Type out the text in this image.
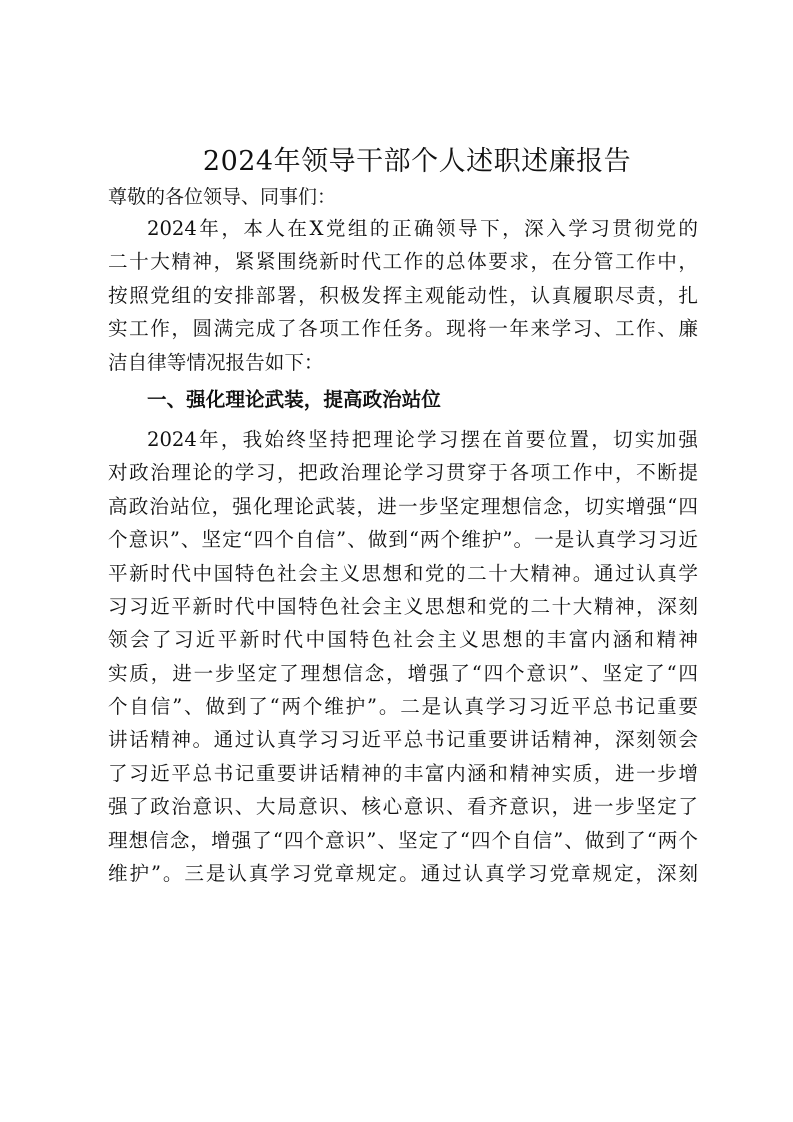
2024年领导干部个人述职述廉报告

尊敬的各位领导、同事们：

2024年，本人在X党组的正确领导下，深入学习贯彻党的
二十大精神，紧紧围绕新时代工作的总体要求，在分管工作中，
按照党组的安排部署，积极发挥主观能动性，认真履职尽责，扎
实工作，圆满完成了各项工作任务。现将一年来学习、工作、廉
洁自律等情况报告如下：
一、强化理论武装，提高政治站位
2024年，我始终坚持把理论学习摆在首要位置，切实加强
对政治理论的学习，把政治理论学习贯穿于各项工作中，不断提
高政治站位，强化理论武装，进一步坚定理想信念，切实增强“四
个意识”、坚定“四个自信”、做到“两个维护”。一是认真学习习近
平新时代中国特色社会主义思想和党的二十大精神。通过认真学
习习近平新时代中国特色社会主义思想和党的二十大精神，深刻
领会了习近平新时代中国特色社会主义思想的丰富内涵和精神
实质，进一步坚定了理想信念，增强了“四个意识”、坚定了“四
个自信”、做到了“两个维护”。二是认真学习习近平总书记重要
讲话精神。通过认真学习习近平总书记重要讲话精神，深刻领会
了习近平总书记重要讲话精神的丰富内涵和精神实质，进一步增
强了政治意识、大局意识、核心意识、看齐意识，进一步坚定了
理想信念，增强了“四个意识”、坚定了“四个自信”、做到了“两个
维护”。三是认真学习党章规定。通过认真学习党章规定，深刻
